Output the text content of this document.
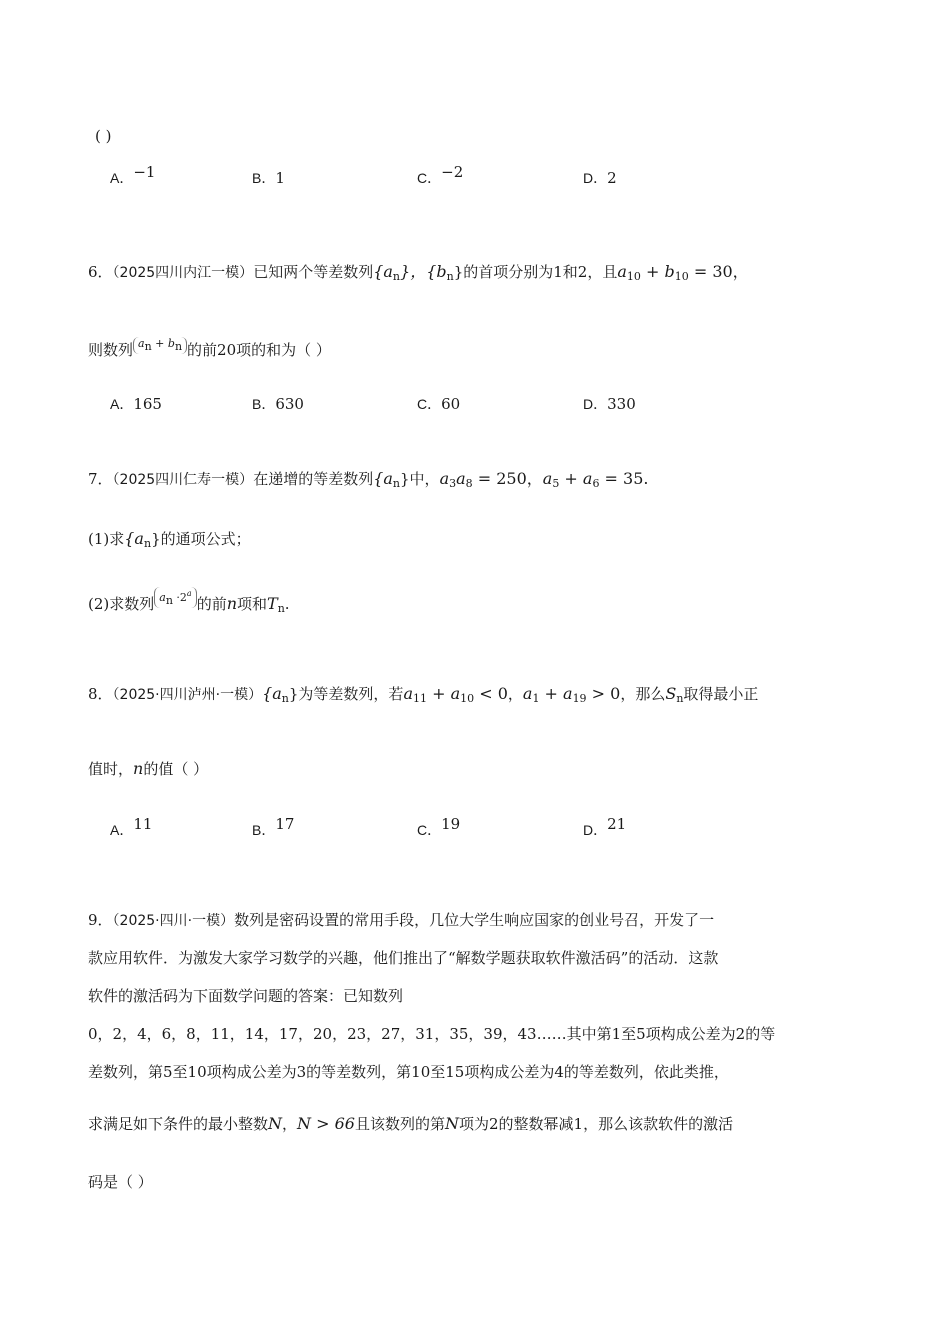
( )
A．−1	B．1	C．−2	D．2
6．（2025四川内江一模）已知两个等差数列$\{a_n\}$，$\{b_n\}$的首项分别为1和2，且$a_{10} + b_{10} = 30$，
则数列 $a_n + b_n$ 的前20项的和为（ ）
A．165	B．630	C．60	D．330
7．（2025四川仁寿一模）在递增的等差数列$\{a_n\}$中，$a_3a_8 = 250$，$a_5 + a_6 = 35$.
(1)求$\{a_n\}$的通项公式；
(2)求数列 $a_n \cdot 2^a$的前n项和$T_n$.
8．（2025·四川泸州·一模）$\{a_n\}$为等差数列，若$a_{11} + a_{10} < 0$，$a_1 + a_{19} > 0$，那么$S_n$取得最小正
值时，n的值（ ）
A．11	B．17	C．19	D．21
9．（2025·四川·一模）数列是密码设置的常用手段，几位大学生响应国家的创业号召，开发了一
款应用软件．为激发大家学习数学的兴趣，他们推出了“解数学题获取软件激活码”的活动．这款
软件的激活码为下面数学问题的答案：已知数列
0，2，4，6，8，11，14，17，20，23，27，31，35，39，43……其中第1至5项构成公差为2的等
差数列，第5至10项构成公差为3的等差数列，第10至15项构成公差为4的等差数列，依此类推，
求满足如下条件的最小整数N，N > 66且该数列的第N项为2的整数幂减1，那么该款软件的激活
码是（ ）
